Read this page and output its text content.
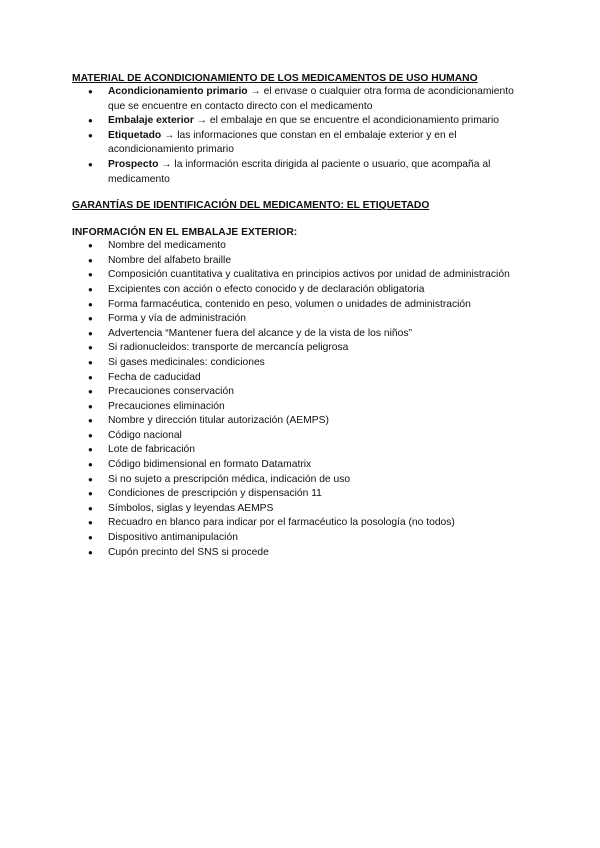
MATERIAL DE ACONDICIONAMIENTO DE LOS MEDICAMENTOS DE USO HUMANO

●	Acondicionamiento primario → el envase o cualquier otra forma de acondicionamiento que se encuentre en contacto directo con el medicamento
●	Embalaje exterior → el embalaje en que se encuentre el acondicionamiento primario
●	Etiquetado → las informaciones que constan en el embalaje exterior y en el acondicionamiento primario
●	Prospecto → la información escrita dirigida al paciente o usuario, que acompaña al medicamento

GARANTÍAS DE IDENTIFICACIÓN DEL MEDICAMENTO: EL ETIQUETADO

INFORMACIÓN EN EL EMBALAJE EXTERIOR:

●	Nombre del medicamento
●	Nombre del alfabeto braille
●	Composición cuantitativa y cualitativa en principios activos por unidad de administración
●	Excipientes con acción o efecto conocido y de declaración obligatoria
●	Forma farmacéutica, contenido en peso, volumen o unidades de administración
●	Forma y vía de administración
●	Advertencia “Mantener fuera del alcance y de la vista de los niños”
●	Si radionucleidos: transporte de mercancía peligrosa
●	Si gases medicinales: condiciones
●	Fecha de caducidad
●	Precauciones conservación
●	Precauciones eliminación
●	Nombre y dirección titular autorización (AEMPS)
●	Código nacional
●	Lote de fabricación
●	Código bidimensional en formato Datamatrix
●	Si no sujeto a prescripción médica, indicación de uso
●	Condiciones de prescripción y dispensación 11
●	Símbolos, siglas y leyendas AEMPS
●	Recuadro en blanco para indicar por el farmacéutico la posología (no todos)
●	Dispositivo antimanipulación
●	Cupón precinto del SNS si procede
